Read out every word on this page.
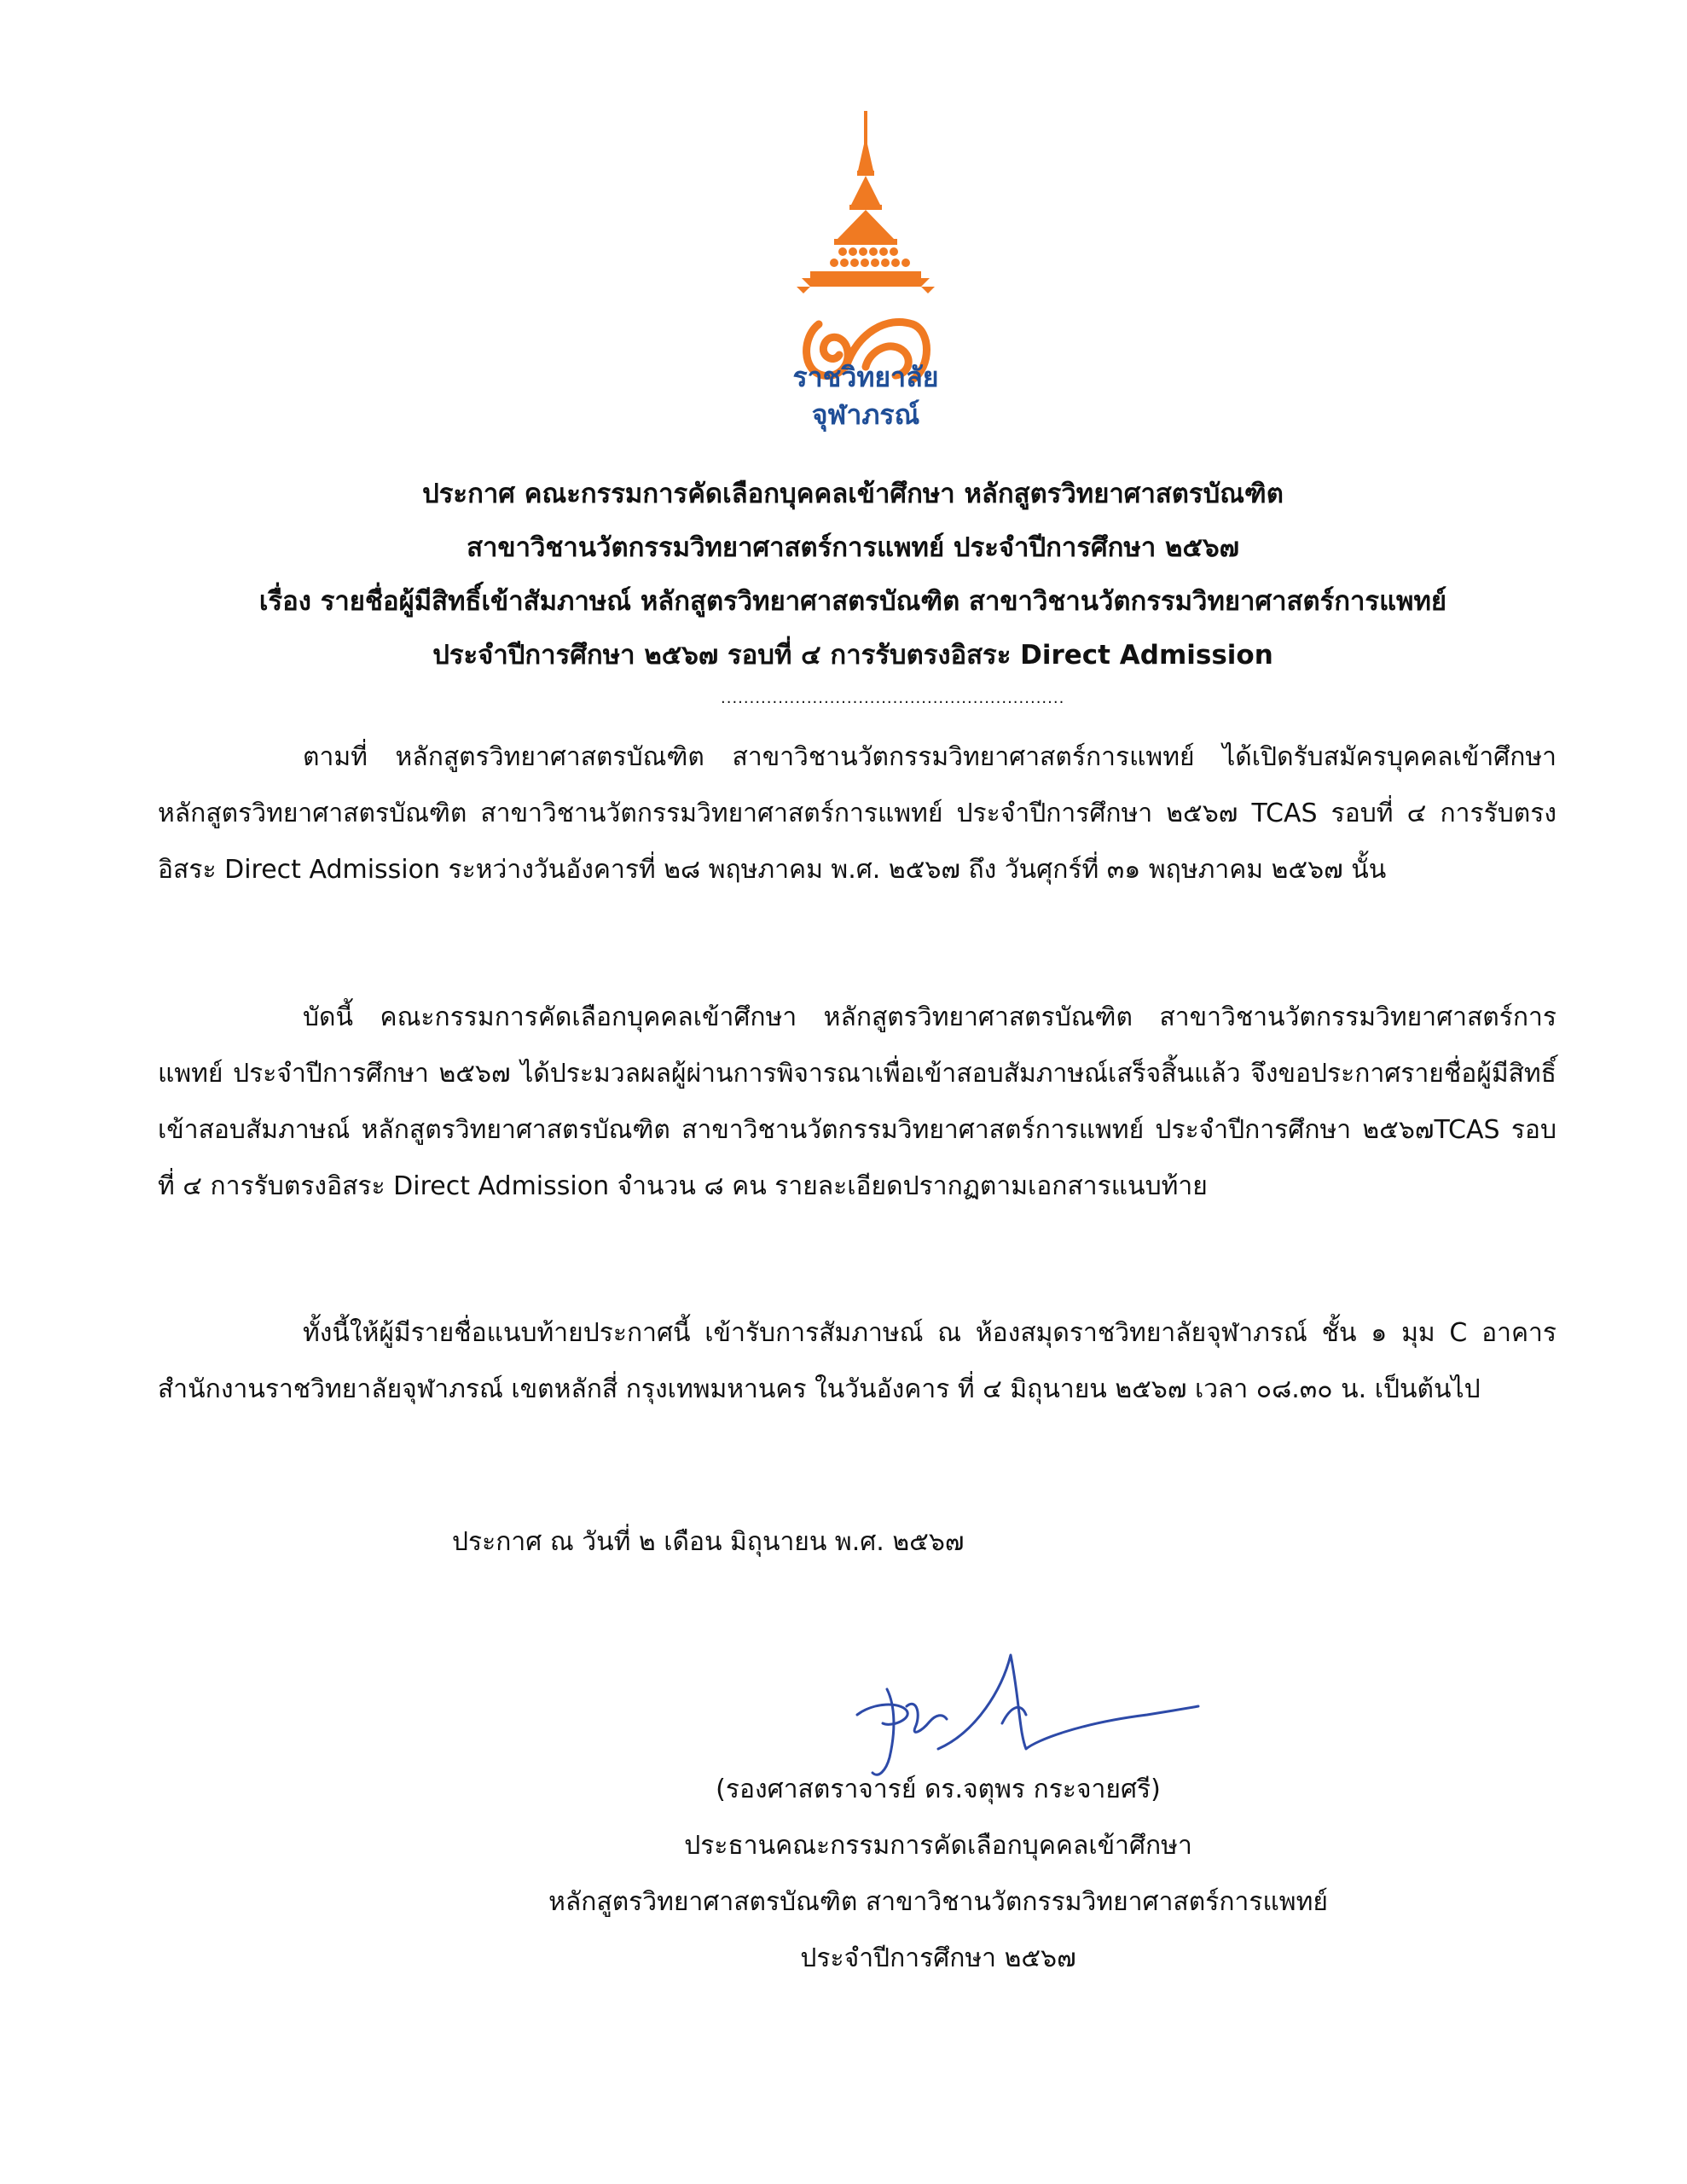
ราชวิทยาลัย
จุฬาภรณ์
ประกาศ คณะกรรมการคัดเลือกบุคคลเข้าศึกษา หลักสูตรวิทยาศาสตรบัณฑิต
สาขาวิชานวัตกรรมวิทยาศาสตร์การแพทย์ ประจำปีการศึกษา ๒๕๖๗
เรื่อง รายชื่อผู้มีสิทธิ์เข้าสัมภาษณ์ หลักสูตรวิทยาศาสตรบัณฑิต สาขาวิชานวัตกรรมวิทยาศาสตร์การแพทย์
ประจำปีการศึกษา ๒๕๖๗ รอบที่ ๔ การรับตรงอิสระ Direct Admission
............................................................
ตามที่ หลักสูตรวิทยาศาสตรบัณฑิต สาขาวิชานวัตกรรมวิทยาศาสตร์การแพทย์ ได้เปิดรับสมัครบุคคลเข้าศึกษา หลักสูตรวิทยาศาสตรบัณฑิต สาขาวิชานวัตกรรมวิทยาศาสตร์การแพทย์ ประจำปีการศึกษา ๒๕๖๗ TCAS รอบที่ ๔ การรับตรงอิสระ Direct Admission ระหว่างวันอังคารที่ ๒๘ พฤษภาคม พ.ศ. ๒๕๖๗ ถึง วันศุกร์ที่ ๓๑ พฤษภาคม ๒๕๖๗ นั้น
บัดนี้ คณะกรรมการคัดเลือกบุคคลเข้าศึกษา หลักสูตรวิทยาศาสตรบัณฑิต สาขาวิชานวัตกรรมวิทยาศาสตร์การแพทย์ ประจำปีการศึกษา ๒๕๖๗ ได้ประมวลผลผู้ผ่านการพิจารณาเพื่อเข้าสอบสัมภาษณ์เสร็จสิ้นแล้ว จึงขอประกาศรายชื่อผู้มีสิทธิ์เข้าสอบสัมภาษณ์ หลักสูตรวิทยาศาสตรบัณฑิต สาขาวิชานวัตกรรมวิทยาศาสตร์การแพทย์ ประจำปีการศึกษา ๒๕๖๗TCAS รอบที่ ๔ การรับตรงอิสระ Direct Admission จำนวน ๘ คน รายละเอียดปรากฏตามเอกสารแนบท้าย
ทั้งนี้ให้ผู้มีรายชื่อแนบท้ายประกาศนี้ เข้ารับการสัมภาษณ์ ณ ห้องสมุดราชวิทยาลัยจุฬาภรณ์ ชั้น ๑ มุม C อาคารสำนักงานราชวิทยาลัยจุฬาภรณ์ เขตหลักสี่ กรุงเทพมหานคร ในวันอังคาร ที่ ๔ มิถุนายน ๒๕๖๗ เวลา ๐๘.๓๐ น. เป็นต้นไป
ประกาศ ณ วันที่ ๒ เดือน มิถุนายน พ.ศ. ๒๕๖๗
(รองศาสตราจารย์ ดร.จตุพร กระจายศรี)
ประธานคณะกรรมการคัดเลือกบุคคลเข้าศึกษา
หลักสูตรวิทยาศาสตรบัณฑิต สาขาวิชานวัตกรรมวิทยาศาสตร์การแพทย์
ประจำปีการศึกษา ๒๕๖๗
